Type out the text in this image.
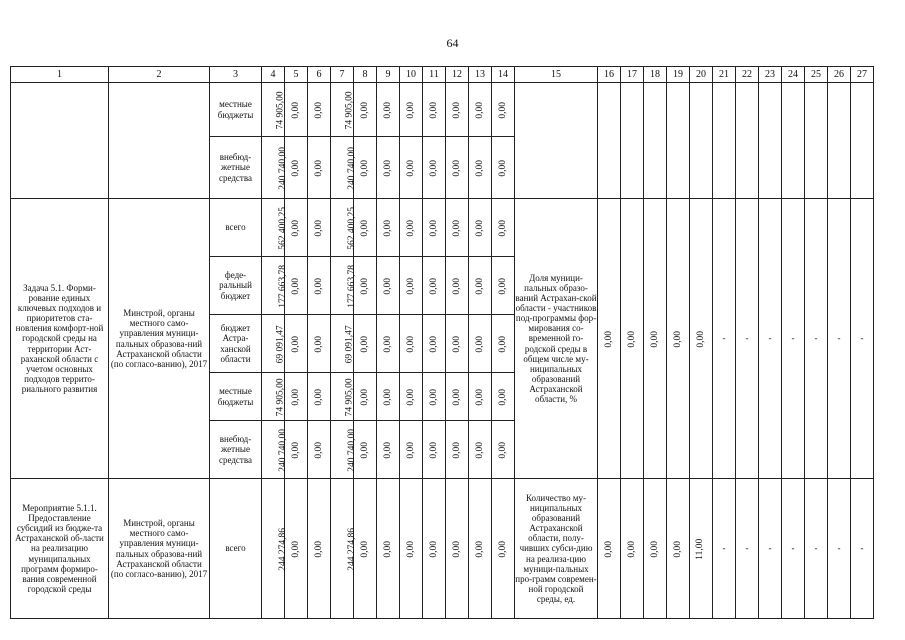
64
1	2	3	4	5	6	7	8	9	10	11	12	13	14	15	16	17	18	19	20	21	22	23	24	25	26	27
		местные бюджеты	74 905,00	0,00	0,00	74 905,00	0,00	0,00	0,00	0,00	0,00	0,00	0,00													
		внебюд-жетные средства	240 740,00	0,00	0,00	240 740,00	0,00	0,00	0,00	0,00	0,00	0,00	0,00													
Задача 5.1. Форми-рование единых ключевых подходов и приоритетов ста-новления комфорт-ной городской среды на территории Аст-раханской области с учетом основных подходов террито-риального развития	Минстрой, органы местного само-управления муници-пальных образова-ний Астраханской области (по согласо-ванию), 2017	всего	562 400,25	0,00	0,00	562 400,25	0,00	0,00	0,00	0,00	0,00	0,00	0,00	Доля муници-пальных образо-ваний Астрахан-ской области - участников под-программы фор-мирования со-временной го-родской среды в общем числе му-ниципальных образований Астраханской области, %	0,00	0,00	0,00	0,00	0,00	-	-	-	-	-	-	-
		феде-ральный бюджет	177 663,78	0,00	0,00	177 663,78	0,00	0,00	0,00	0,00	0,00	0,00	0,00													
		бюджет Астра-ханской области	69 091,47	0,00	0,00	69 091,47	0,00	0,00	0,00	0,00	0,00	0,00	0,00													
		местные бюджеты	74 905,00	0,00	0,00	74 905,00	0,00	0,00	0,00	0,00	0,00	0,00	0,00													
		внебюд-жетные средства	240 740,00	0,00	0,00	240 740,00	0,00	0,00	0,00	0,00	0,00	0,00	0,00													
Мероприятие 5.1.1. Предоставление субсидий из бюдже-та Астраханской об-ласти на реализацию муниципальных программ формиро-вания современной городской среды	Минстрой, органы местного само-управления муници-пальных образова-ний Астраханской области (по согласо-ванию), 2017	всего	244 274,86	0,00	0,00	244 274,86	0,00	0,00	0,00	0,00	0,00	0,00	0,00	Количество му-ниципальных образований Астраханской области, полу-чивших субси-дию на реализа-цию муници-пальных про-грамм современ-ной городской среды, ед.	0,00	0,00	0,00	0,00	11,00	-	-	-	-	-	-	-
